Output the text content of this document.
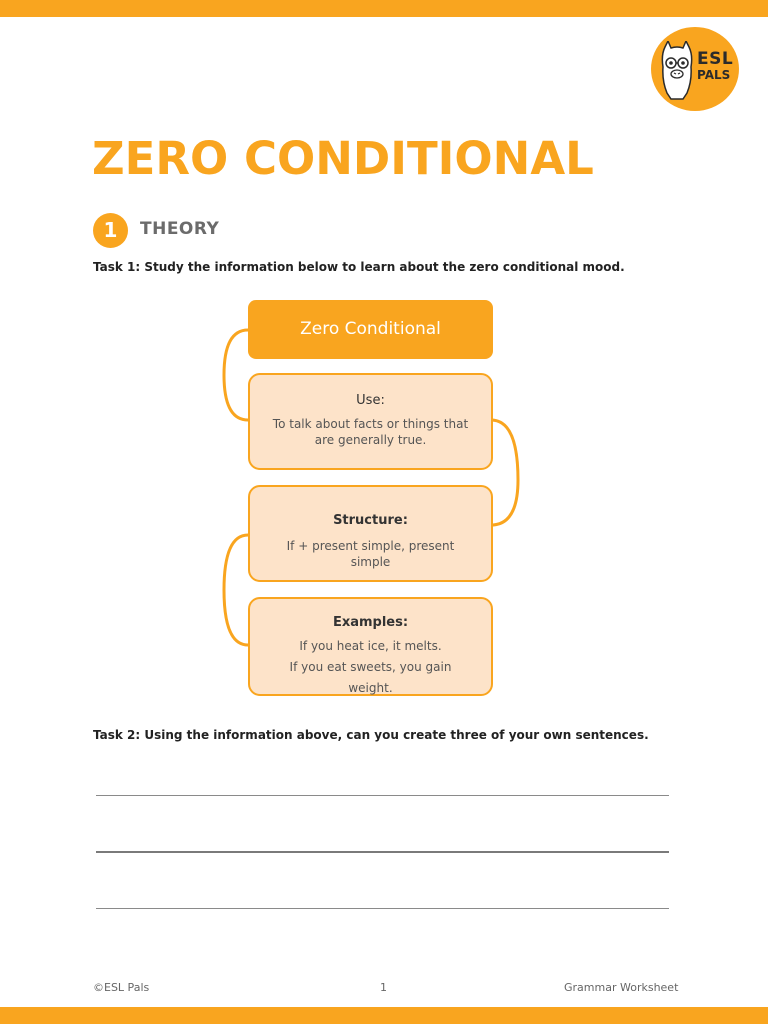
ESL
PALS
ZERO CONDITIONAL
1	THEORY
Task 1: Study the information below to learn about the zero conditional mood.
Zero Conditional
Use:
To talk about facts or things that are generally true.
Structure:
If + present simple, present simple
Examples:
If you heat ice, it melts.
If you eat sweets, you gain weight.
Task 2: Using the information above, can you create three of your own sentences.
©ESL Pals	1	Grammar Worksheet
